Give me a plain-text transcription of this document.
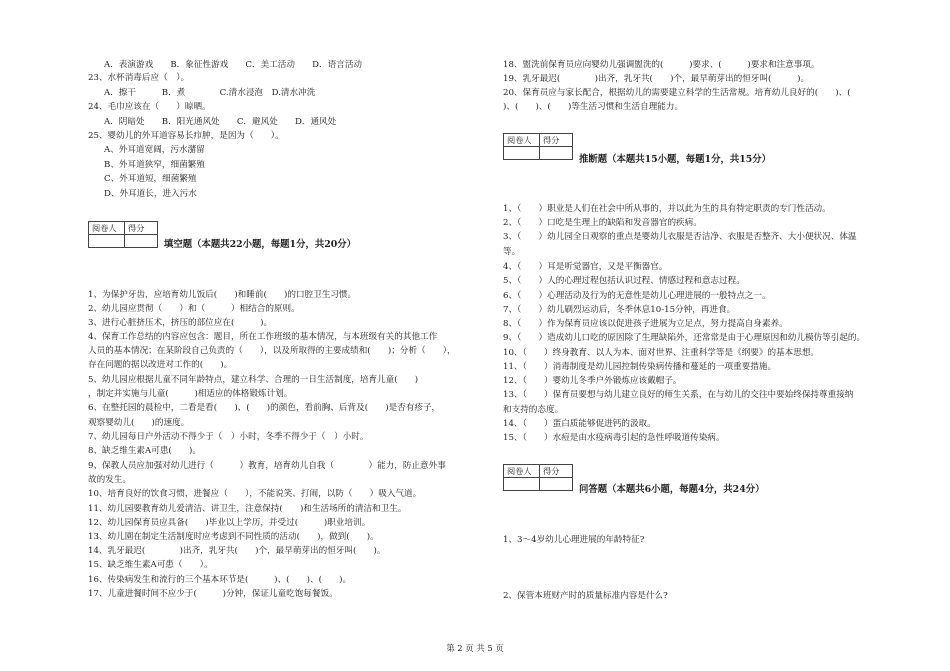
A．表演游戏　　B．象征性游戏　　C．美工活动　　D．语言活动
23、水杯消毒后应（　）。
A．擦干　　　B．煮　　　　C.清水浸泡　D.清水冲洗
24、毛巾应该在（　　）晾晒。
A．阴暗处　　B．阳光通风处　　C．避风处　　D．通风处
25、婴幼儿的外耳道容易长疖肿，是因为（　　）。
A、外耳道宽阔，污水潴留
B、外耳道狭窄，细菌繁殖
C、外耳道短，细菌繁殖
D、外耳道长，进入污水
阅卷人	得分

填空题（本题共22小题，每题1分，共20分）
1、为保护牙齿，应培育幼儿饭后(　　)和睡前(　　)的口腔卫生习惯。
2、幼儿园应贯彻（　　）和（　　　）相结合的原则。
3、进行心脏挤压术，挤压的部位应在(　　　)。
4、保育工作总结的内容应包含：题目，所在工作班级的基本情况，与本班级有关的其他工作
人员的基本情况；在某阶段自己负责的（　　），以及所取得的主要成绩和(　　)；分析（　　），
存在问题的据以改进对工作的(　　)。
5、幼儿园应根据儿童不同年龄特点，建立科学、合理的一日生活制度，培育儿童(　　)
，制定并实施与儿童(　　　)相适应的体格锻炼计划。
6、在整托园的晨检中，二看是看(　　)、(　　)的颜色，看前胸、后背及(　　)是否有疹子，
观察婴幼儿(　　)的速度。
7、幼儿园每日户外活动不得少于（　）小时，冬季不得少于（　）小时。
8、缺乏维生素A可患(　　)。
9、保教人员应加强对幼儿进行（　　　）教育，培育幼儿自我（　　　　）能力，防止意外事
故的发生。
10、培育良好的饮食习惯，进餐应（　　），不能说笑、打闹，以防（　　）吸入气道。
11、幼儿园要教育幼儿爱清洁、讲卫生，注意保持(　　)和生活场所的清洁和卫生。
12、幼儿园保育员应具备(　　)毕业以上学历，并受过(　　　)职业培训。
13、幼儿園在制定生活制度时应考虑到不同性质的活动(　　)，做到(　　)。
14、乳牙最迟(　　　　)出齐，乳牙共(　　)个，最早萌芽出的恒牙叫(　　)。
15、缺乏维生素A可患（　　）。
16、传染病发生和流行的三个基本环节是(　　　)、(　　)、(　　)。
17、儿童进餐时间不应少于(　　　)分钟，保证儿童吃饱每餐饭。
18、盥洗前保育员应向婴幼儿强调盥洗的(　　　)要求、(　　　)要求和注意事项。
19、乳牙最迟(　　　　)出齐，乳牙共(　　)个，最早萌芽出的恒牙叫(　　　)。
20、保育员应与家长配合，根据幼儿的需要建立科学的生活常规。培育幼儿良好的(　　)、(　　
)、(　　)、(　　)等生活习惯和生活自理能力。
阅卷人	得分

推断题（本题共15小题，每题1分，共15分）
1、（　　）职业是人们在社会中所从事的，并以此为生的具有特定职责的专门性活动。
2、（　　）口吃是生理上的缺陷和发音器官的疾病。
3、（　　）幼儿园全日观察的重点是婴幼儿衣服是否洁净、衣服是否整齐、大小便状况、体温
等。
4、（　　）耳是听觉器官，又是平衡器官。
5、（　　）人的心理过程包括认识过程、情感过程和意志过程。
6、（　　）心理活动及行为的无意性是幼儿心理进展的一般特点之一。
7、（　　）幼儿刷烈运动后，冬季休息10-15分钟，再进食。
8、（　　）作为保育员应该以促进孩子进展为立足点，努力提高自身素养。
9、（　　）造成幼儿口吃的原因除了生理缺陷外，还常常是由于心理原因和幼儿模仿等引起的。
10、（　　）终身教育、以人为本、面对世界、注重科学等是《纲要》的基本思想。
11、（　　）消毒制度是幼儿园控制传染病传播和蔓延的一项重要措施。
12、（　　）婴幼儿冬季户外锻炼应该戴帽子。
13、（　　）保育员要想与幼儿建立良好的师生关系，在与幼儿的交往中要始终保持尊重接纳
和支持的态度。
14、（　　）蛋白质能够促进钙的汲取。
15、（　　）水痘是由水疫病毒引起的急性呼吸道传染病。
阅卷人	得分

问答题（本题共6小题，每题4分，共24分）
1、3～4岁幼儿心理进展的年龄特征?
2、保管本班财产时的质量标准内容是什么?
第 2 页 共 5 页
